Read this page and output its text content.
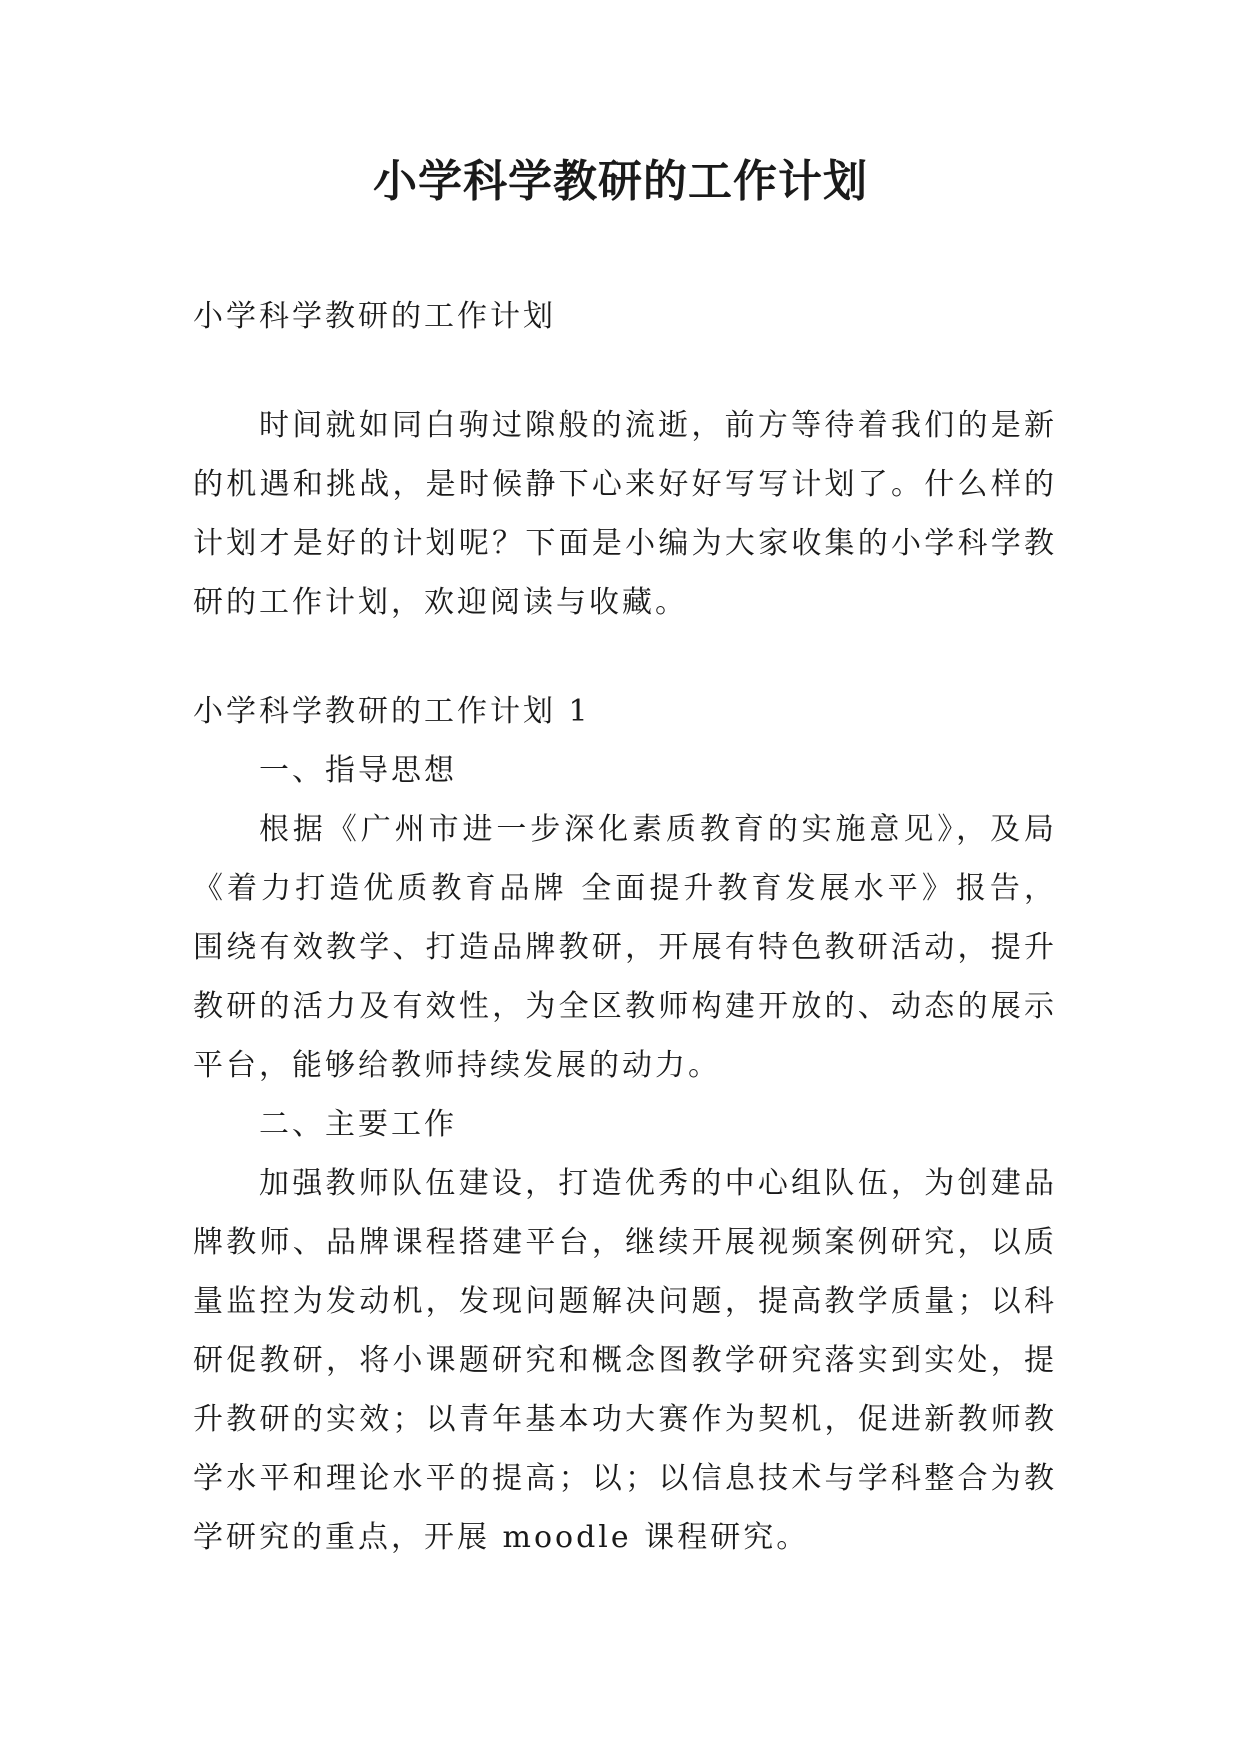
小学科学教研的工作计划

小学科学教研的工作计划

时间就如同白驹过隙般的流逝，前方等待着我们的是新的机遇和挑战，是时候静下心来好好写写计划了。什么样的计划才是好的计划呢？下面是小编为大家收集的小学科学教研的工作计划，欢迎阅读与收藏。

小学科学教研的工作计划 1

一、指导思想

根据《广州市进一步深化素质教育的实施意见》，及局《着力打造优质教育品牌 全面提升教育发展水平》报告，围绕有效教学、打造品牌教研，开展有特色教研活动，提升教研的活力及有效性，为全区教师构建开放的、动态的展示平台，能够给教师持续发展的动力。

二、主要工作

加强教师队伍建设，打造优秀的中心组队伍，为创建品牌教师、品牌课程搭建平台，继续开展视频案例研究，以质量监控为发动机，发现问题解决问题，提高教学质量；以科研促教研，将小课题研究和概念图教学研究落实到实处，提升教研的实效；以青年基本功大赛作为契机，促进新教师教学水平和理论水平的提高；以；以信息技术与学科整合为教学研究的重点，开展 moodle 课程研究。
